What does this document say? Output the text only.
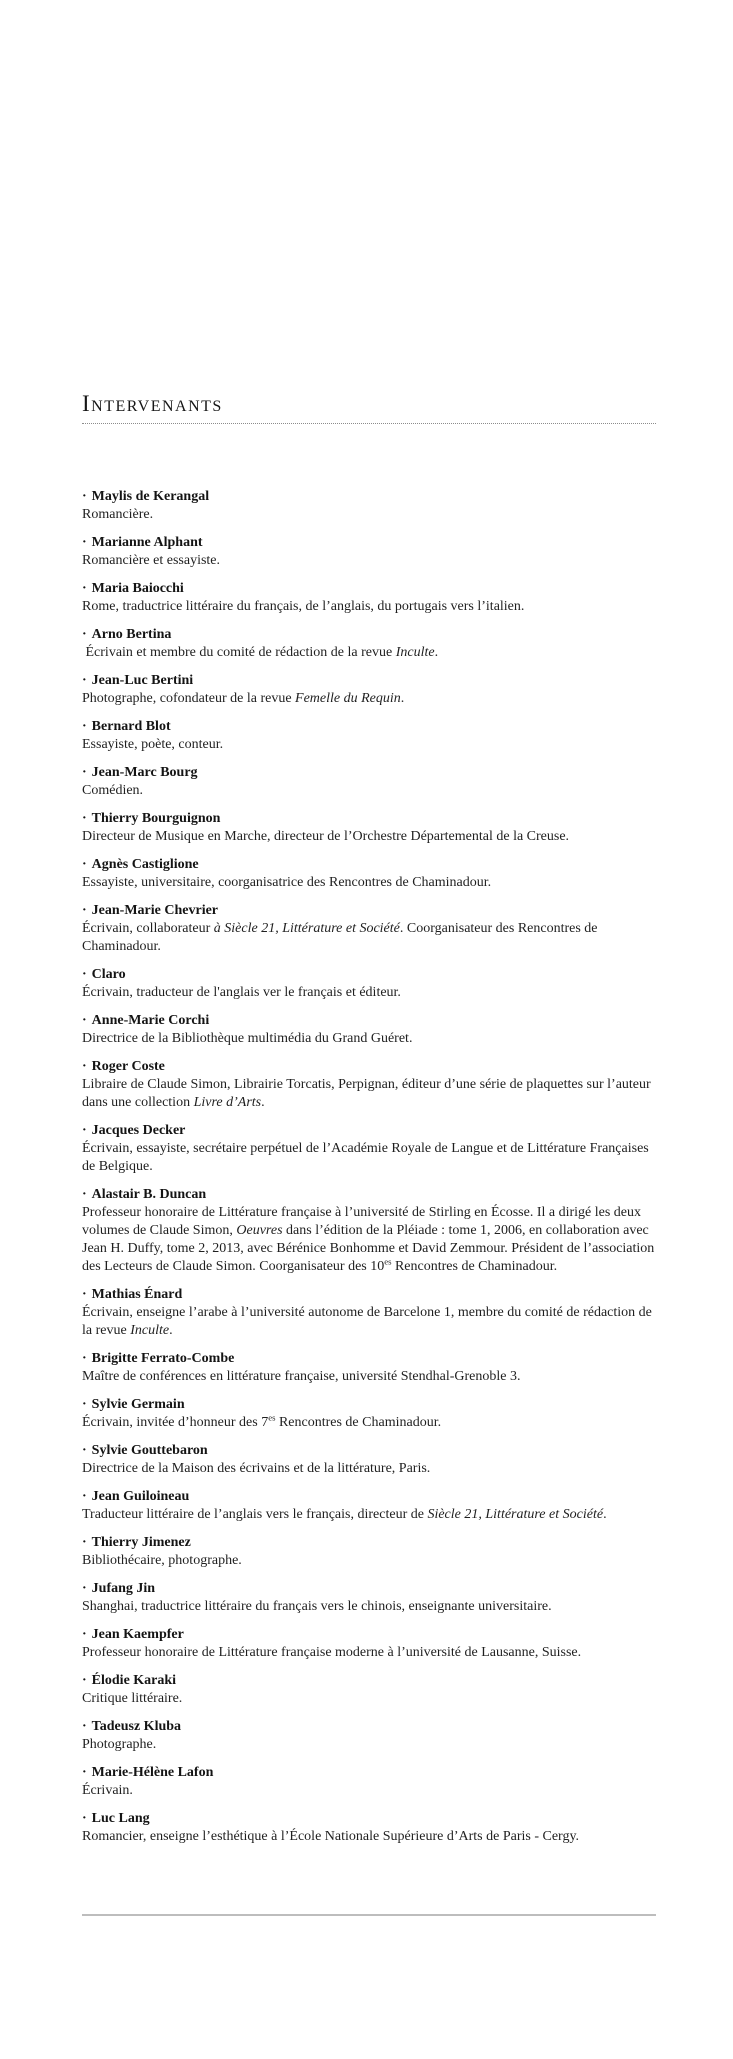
Intervenants
· Maylis de Kerangal
Romancière.
· Marianne Alphant
Romancière et essayiste.
· Maria Baiocchi
Rome, traductrice littéraire du français, de l’anglais, du portugais vers l’italien.
· Arno Bertina
Écrivain et membre du comité de rédaction de la revue Inculte.
· Jean-Luc Bertini
Photographe, cofondateur de la revue Femelle du Requin.
· Bernard Blot
Essayiste, poète, conteur.
· Jean-Marc Bourg
Comédien.
· Thierry Bourguignon
Directeur de Musique en Marche, directeur de l’Orchestre Départemental de la Creuse.
· Agnès Castiglione
Essayiste, universitaire, coorganisatrice des Rencontres de Chaminadour.
· Jean-Marie Chevrier
Écrivain, collaborateur à Siècle 21, Littérature et Société. Coorganisateur des Rencontres de Chaminadour.
· Claro
Écrivain, traducteur de l'anglais ver le français et éditeur.
· Anne-Marie Corchi
Directrice de la Bibliothèque multimédia du Grand Guéret.
· Roger Coste
Libraire de Claude Simon, Librairie Torcatis, Perpignan, éditeur d’une série de plaquettes sur l’auteur dans une collection Livre d’Arts.
· Jacques Decker
Écrivain, essayiste, secrétaire perpétuel de l’Académie Royale de Langue et de Littérature Françaises de Belgique.
· Alastair B. Duncan
Professeur honoraire de Littérature française à l’université de Stirling en Écosse. Il a dirigé les deux volumes de Claude Simon, Oeuvres dans l’édition de la Pléiade : tome 1, 2006, en collaboration avec Jean H. Duffy, tome 2, 2013, avec Bérénice Bonhomme et David Zemmour. Président de l’association des Lecteurs de Claude Simon. Coorganisateur des $10^{es}$ Rencontres de Chaminadour.
· Mathias Énard
Écrivain, enseigne l’arabe à l’université autonome de Barcelone 1, membre du comité de rédaction de la revue Inculte.
· Brigitte Ferrato-Combe
Maître de conférences en littérature française, université Stendhal-Grenoble 3.
· Sylvie Germain
Écrivain, invitée d’honneur des $7^{es}$ Rencontres de Chaminadour.
· Sylvie Gouttebaron
Directrice de la Maison des écrivains et de la littérature, Paris.
· Jean Guiloineau
Traducteur littéraire de l’anglais vers le français, directeur de Siècle 21, Littérature et Société.
· Thierry Jimenez
Bibliothécaire, photographe.
· Jufang Jin
Shanghai, traductrice littéraire du français vers le chinois, enseignante universitaire.
· Jean Kaempfer
Professeur honoraire de Littérature française moderne à l’université de Lausanne, Suisse.
· Élodie Karaki
Critique littéraire.
· Tadeusz Kluba
Photographe.
· Marie-Hélène Lafon
Écrivain.
· Luc Lang
Romancier, enseigne l’esthétique à l’École Nationale Supérieure d’Arts de Paris - Cergy.
